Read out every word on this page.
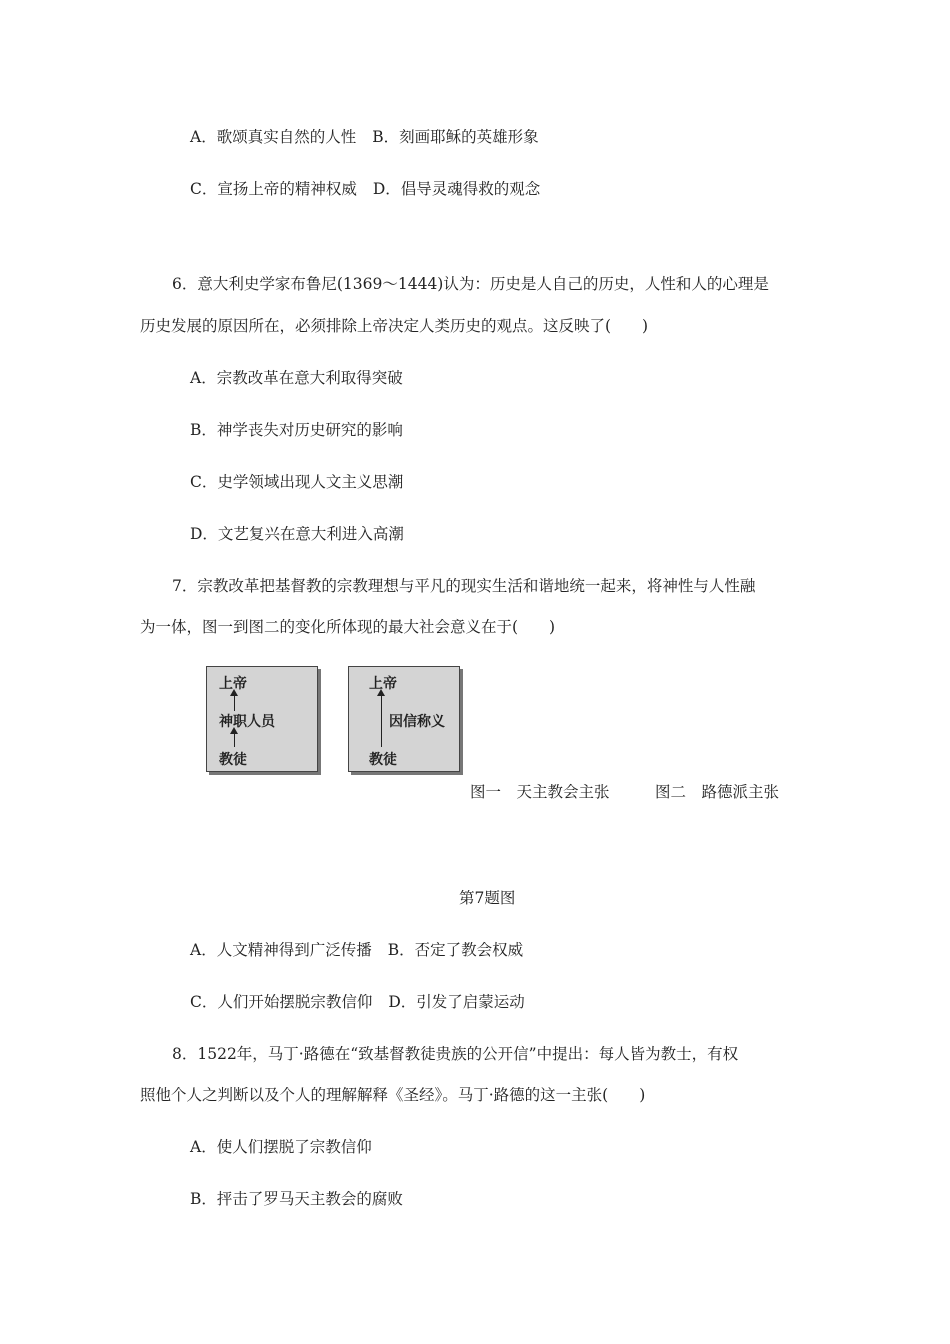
A．歌颂真实自然的人性 B．刻画耶稣的英雄形象
C．宣扬上帝的精神权威 D．倡导灵魂得救的观念
6．意大利史学家布鲁尼(1369～1444)认为：历史是人自己的历史，人性和人的心理是
历史发展的原因所在，必须排除上帝决定人类历史的观点。这反映了(　　)
A．宗教改革在意大利取得突破
B．神学丧失对历史研究的影响
C．史学领域出现人文主义思潮
D．文艺复兴在意大利进入高潮
7．宗教改革把基督教的宗教理想与平凡的现实生活和谐地统一起来，将神性与人性融
为一体，图一到图二的变化所体现的最大社会意义在于(　　)
上帝
神职人员
教徒
上帝
因信称义
教徒
图一　天主教会主张	图二　路德派主张
第7题图
A．人文精神得到广泛传播 B．否定了教会权威
C．人们开始摆脱宗教信仰 D．引发了启蒙运动
8．1522年，马丁·路德在“致基督教徒贵族的公开信”中提出：每人皆为教士，有权
照他个人之判断以及个人的理解解释《圣经》。马丁·路德的这一主张(　　)
A．使人们摆脱了宗教信仰
B．抨击了罗马天主教会的腐败
